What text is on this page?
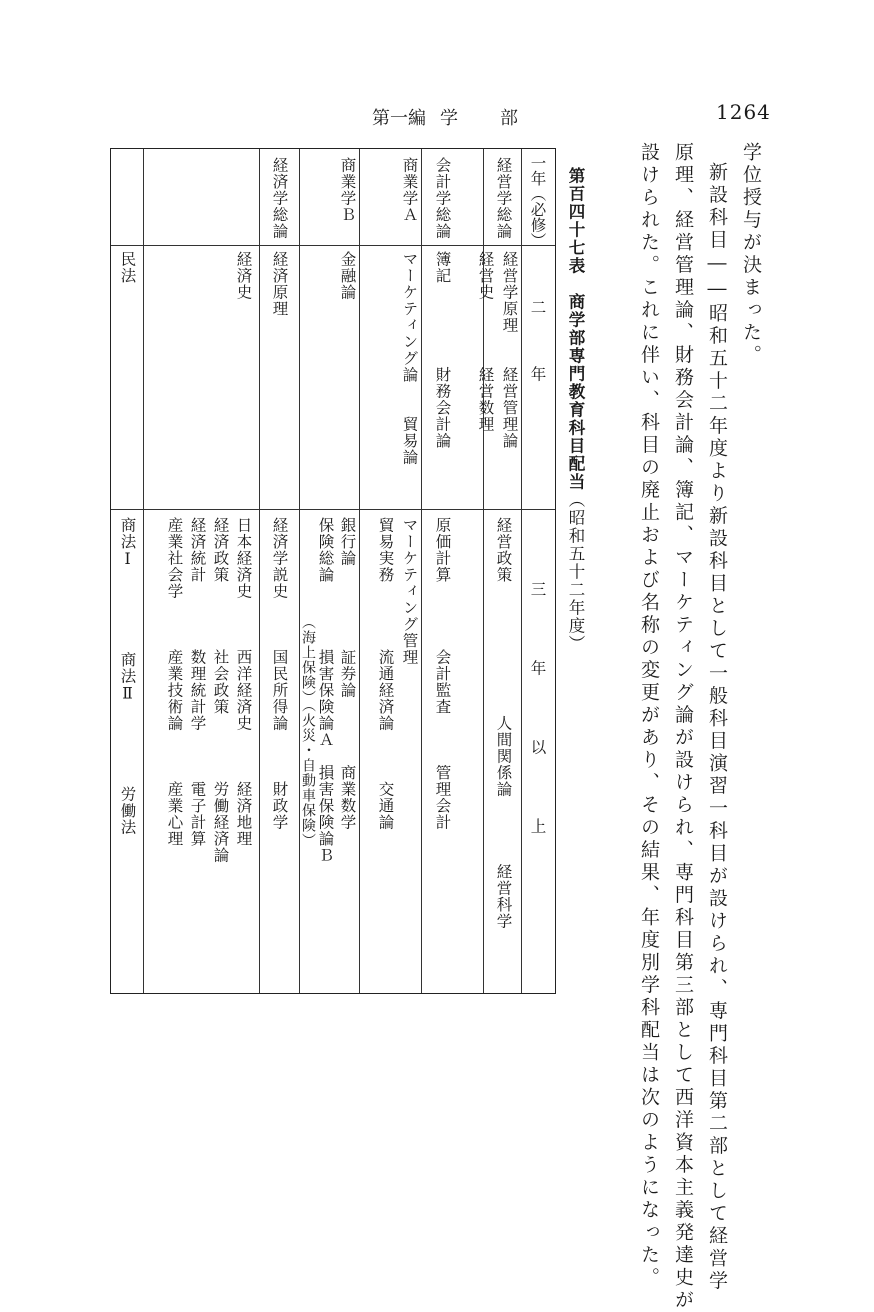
1264
第一編 学 部
学位授与が決まった。
新設科目――昭和五十二年度より新設科目として一般科目演習一科目が設けられ、専門科目第二部として経営学
原理、経営管理論、財務会計論、簿記、マーケティング論が設けられ、専門科目第三部として西洋資本主義発達史が
設けられた。これに伴い、科目の廃止および名称の変更があり、その結果、年度別学科配当は次のようになった。
第百四十七表　商学部専門教育科目配当（昭和五十二年度）
一年（必修）
二　年
三　年　以　上
経営学総論
経営学原理　　経営管理論
経営史　　　　経営数理
経営政策　　　　　　　　人間関係論　　　　経営科学
会計学総論
簿記　　　　　財務会計論
原価計算　　　　会計監査　　　管理会計
商業学Ａ
マーケティング論　　貿易論
マーケティング管理
貿易実務　　　　流通経済論　　　交通論
商業学Ｂ
金融論
銀行論　　　　　証券論　　　　商業数学
保険総論　　　　損害保険論Ａ　損害保険論Ｂ
　　　　　　　（海上保険）（火災・自動車保険）
経済学総論
経済原理
経済史
経済学説史　　　国民所得論　　　財政学
日本経済史　　　西洋経済史　　　経済地理
経済政策　　　　社会政策　　　　労働経済論
経済統計　　　　数理統計学　　　電子計算
産業社会学　　　産業技術論　　　産業心理
民法
商法Ⅰ　　　　　商法Ⅱ　　　　　労働法
